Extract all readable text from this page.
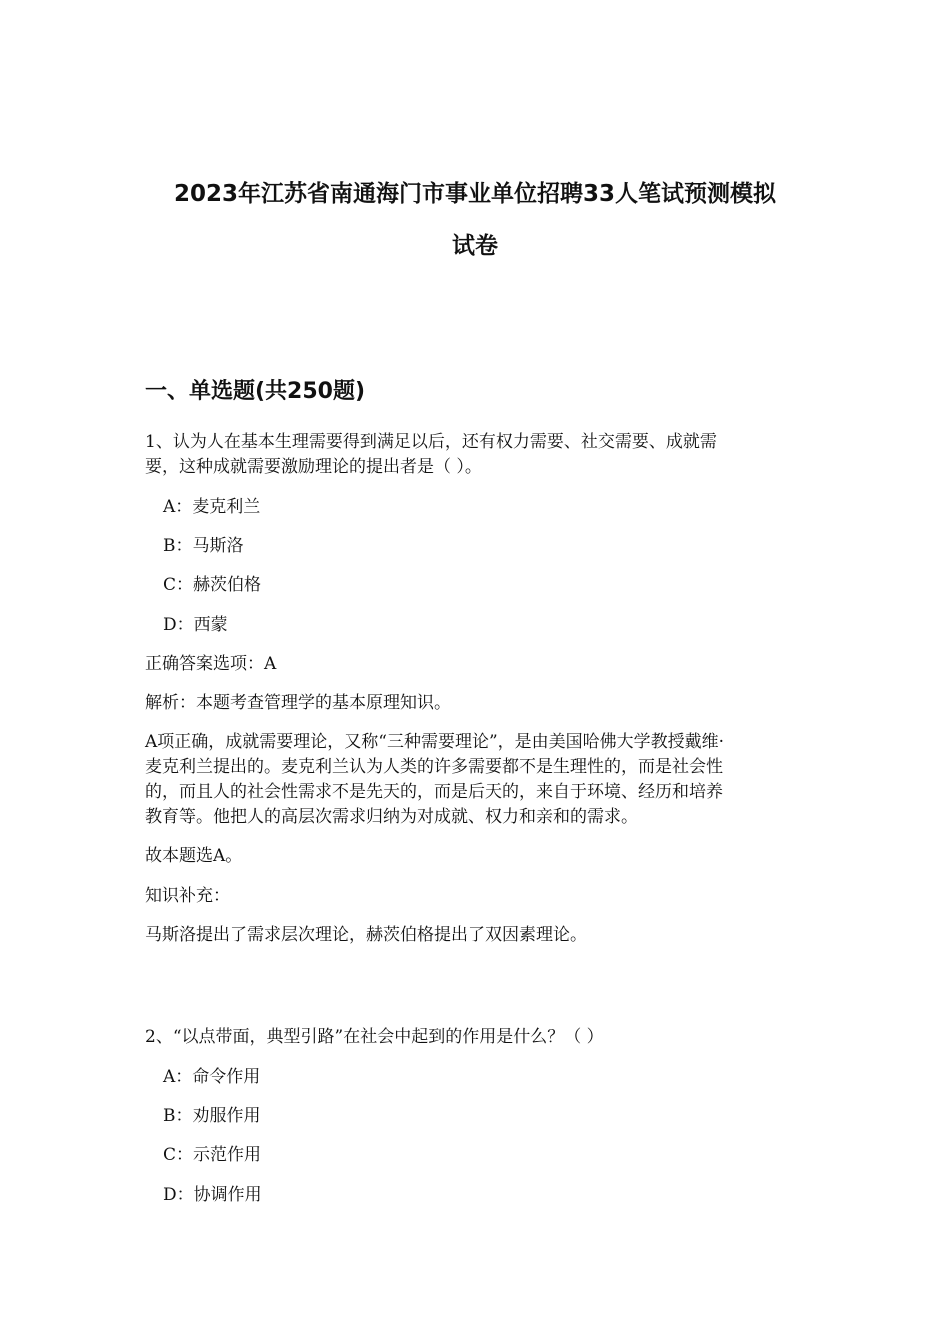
2023年江苏省南通海门市事业单位招聘33人笔试预测模拟
试卷
一、单选题(共250题)

1、认为人在基本生理需要得到满足以后，还有权力需要、社交需要、成就需

要，这种成就需要激励理论的提出者是（ ）。

A：麦克利兰

B：马斯洛

C：赫茨伯格

D：西蒙

正确答案选项：A

解析：本题考查管理学的基本原理知识。

A项正确，成就需要理论，又称“三种需要理论”，是由美国哈佛大学教授戴维·
麦克利兰提出的。麦克利兰认为人类的许多需要都不是生理性的，而是社会性
的，而且人的社会性需求不是先天的，而是后天的，来自于环境、经历和培养
教育等。他把人的高层次需求归纳为对成就、权力和亲和的需求。

故本题选A。

知识补充：

马斯洛提出了需求层次理论，赫茨伯格提出了双因素理论。

2、“以点带面，典型引路”在社会中起到的作用是什么？（ ）

A：命令作用

B：劝服作用

C：示范作用

D：协调作用
